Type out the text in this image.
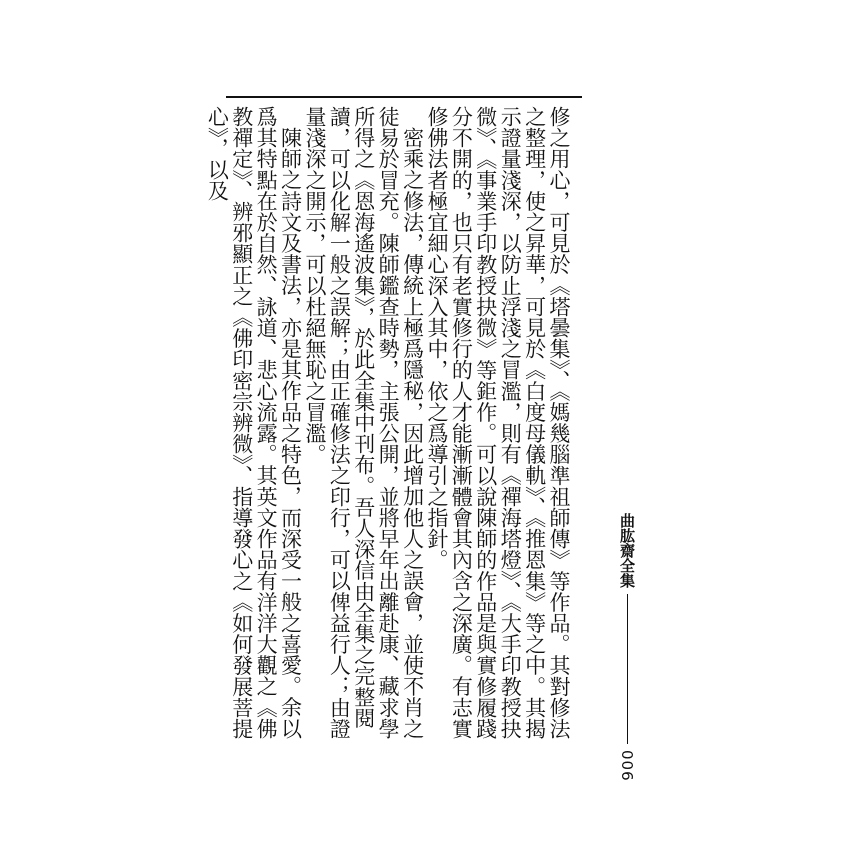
修之用心，可見於《塔曇集》、《媽幾腦準祖師傳》等作品。其對修法之整理，使之昇華，可見於《白度母儀軌》、《推恩集》等之中。其揭示證量淺深，以防止浮淺之冒濫，則有《禪海塔燈》、《大手印教授抉微》、《事業手印教授抉微》等鉅作。可以說陳師的作品是與實修履踐分不開的，也只有老實修行的人才能漸漸體會其內含之深廣。有志實修佛法者極宜細心深入其中，依之爲導引之指針。

密乘之修法，傳統上極爲隱秘，因此增加他人之誤會，並使不肖之徒易於冒充。陳師鑑查時勢，主張公開，並將早年出離赴康、藏求學所得之《恩海遙波集》，於此全集中刊布。吾人深信由全集之完整閱讀，可以化解一般之誤解；由正確修法之印行，可以俾益行人；由證量淺深之開示，可以杜絕無恥之冒濫。

陳師之詩文及書法，亦是其作品之特色，而深受一般之喜愛。余以爲其特點在於自然、詠道、悲心流露。其英文作品有洋洋大觀之《佛教禪定》、辨邪顯正之《佛印密宗辨微》、指導發心之《如何發展菩提心》，以及

曲肱齋全集
006
